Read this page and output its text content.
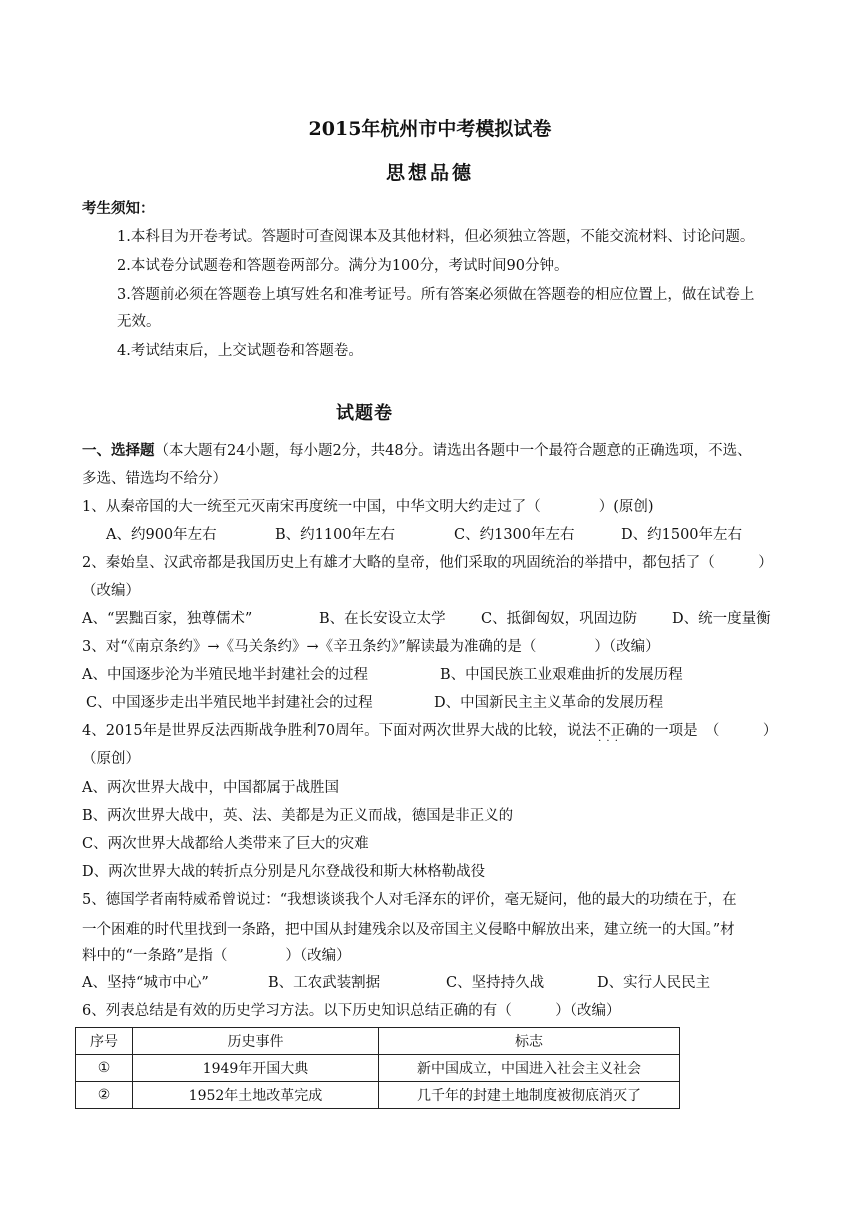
2015年杭州市中考模拟试卷
思想品德
考生须知：
1.本科目为开卷考试。答题时可查阅课本及其他材料，但必须独立答题，不能交流材料、讨论问题。
2.本试卷分试题卷和答题卷两部分。满分为100分，考试时间90分钟。
3.答题前必须在答题卷上填写姓名和准考证号。所有答案必须做在答题卷的相应位置上，做在试卷上
无效。
4.考试结束后，上交试题卷和答题卷。
试题卷
一、选择题（本大题有24小题，每小题2分，共48分。请选出各题中一个最符合题意的正确选项，不选、
多选、错选均不给分）
1、从秦帝国的大一统至元灭南宋再度统一中国，中华文明大约走过了（　　　　）(原创)
A、约900年左右	B、约1100年左右	C、约1300年左右	D、约1500年左右
2、秦始皇、汉武帝都是我国历史上有雄才大略的皇帝，他们采取的巩固统治的举措中，都包括了（　　　）
（改编）
A、“罢黜百家，独尊儒术”	B、在长安设立太学 C、抵御匈奴，巩固边防 D、统一度量衡
3、对“《南京条约》→《马关条约》→《辛丑条约》”解读最为准确的是（　　　　）（改编）
A、中国逐步沦为半殖民地半封建社会的过程	B、中国民族工业艰难曲折的发展历程
C、中国逐步走出半殖民地半封建社会的过程	D、中国新民主主义革命的发展历程
4、2015年是世界反法西斯战争胜利70周年。下面对两次世界大战的比较，说法不正确 · · ·的一项是　（　　　）
（原创）
A、两次世界大战中，中国都属于战胜国
B、两次世界大战中，英、法、美都是为正义而战，德国是非正义的
C、两次世界大战都给人类带来了巨大的灾难
D、两次世界大战的转折点分别是凡尔登战役和斯大林格勒战役
5、德国学者南特威希曾说过：“我想谈谈我个人对毛泽东的评价，毫无疑问，他的最大的功绩在于，在
一个困难的时代里找到一条路，把中国从封建残余以及帝国主义侵略中解放出来，建立统一的大国。”材
料中的“一条路”是指（　　　　）（改编）
A、坚持“城市中心”	B、工农武装割据	C、坚持持久战	D、实行人民民主
6、列表总结是有效的历史学习方法。以下历史知识总结正确的有（　　　）（改编）
序号	历史事件	标志
①	1949年开国大典	新中国成立，中国进入社会主义社会
②	1952年土地改革完成	几千年的封建土地制度被彻底消灭了
